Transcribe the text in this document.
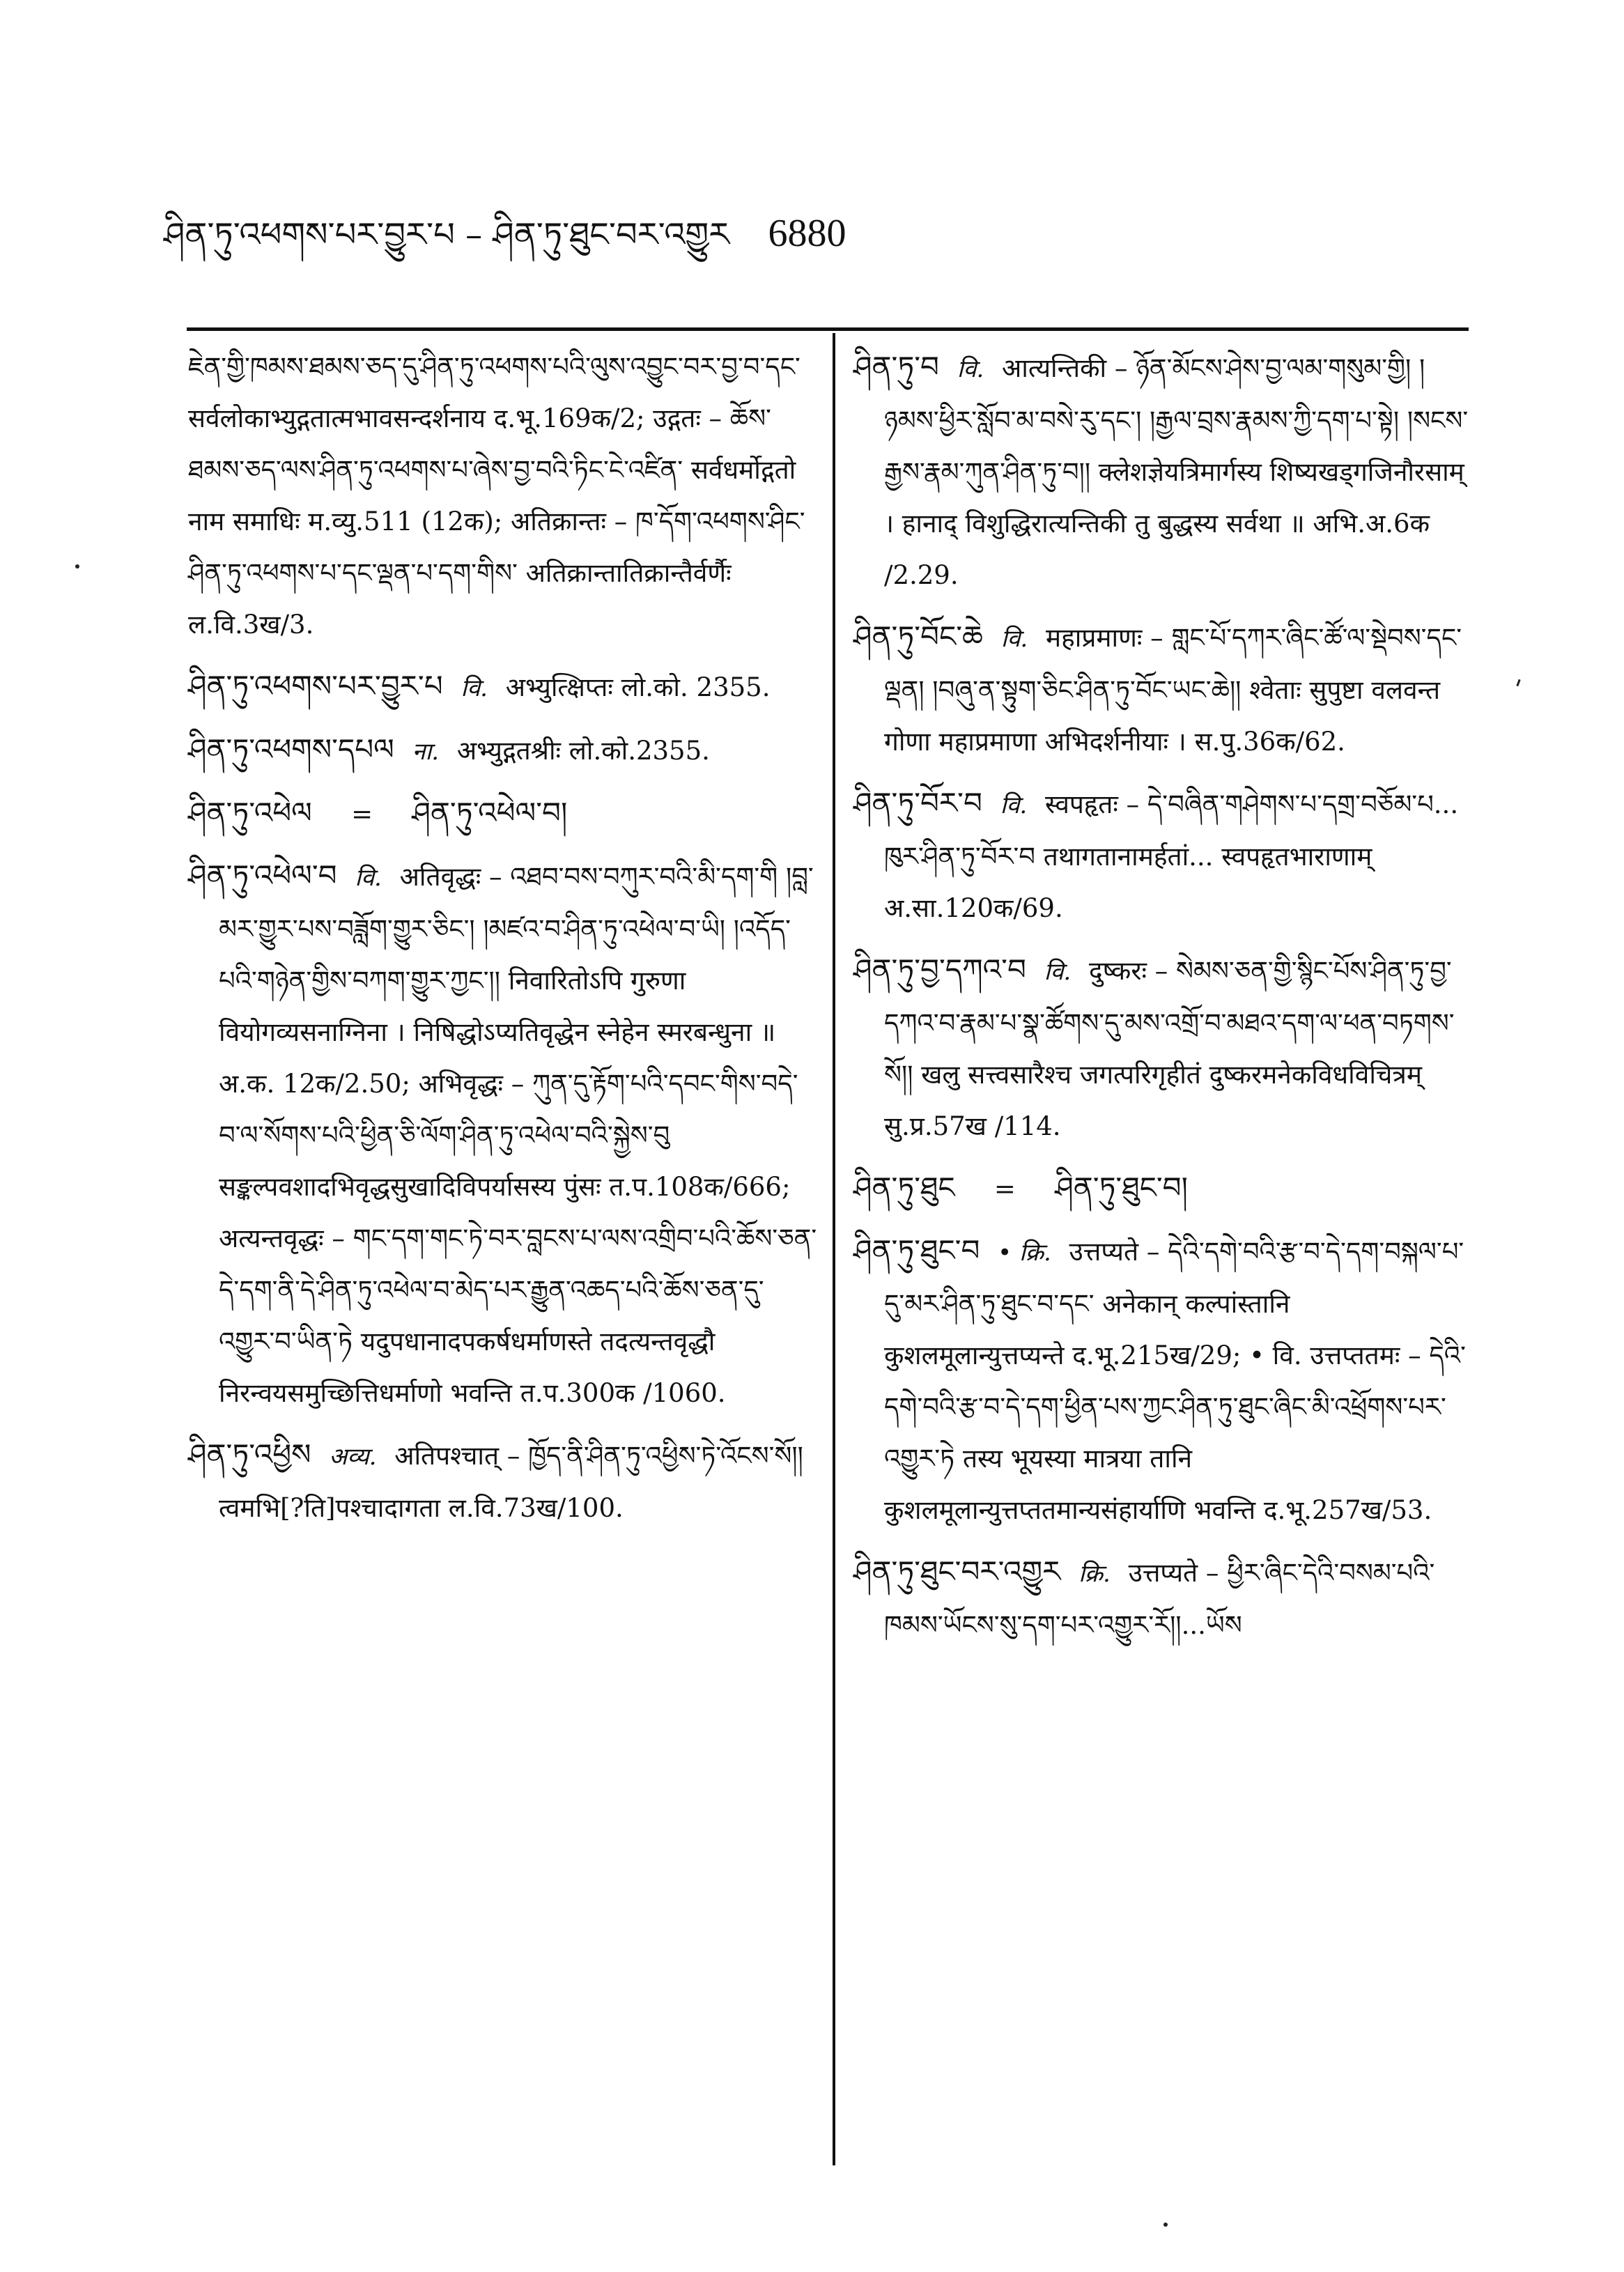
ཤིན་ཏུ་འཕགས་པར་བྱུར་པ – ཤིན་ཏུ་ཐུང་བར་འགྱུར 6880
ཇེན་གྱི་ཁམས་ཐམས་ཅད་དུ་ཤིན་ཏུ་འཕགས་པའི་ལུས་འབྱུང་བར་བྱ་བ་དང་ सर्वलोकाभ्युद्गतात्मभावसन्दर्शनाय द.भू.169क/2; उद्गतः – ཆོས་ཐམས་ཅད་ལས་ཤིན་ཏུ་འཕགས་པ་ཞེས་བྱ་བའི་ཏིང་ངེ་འཛིན་ सर्वधर्मोद्गतो नाम समाधिः म.व्यु.511 (12क); अतिक्रान्तः – ཁ་དོག་འཕགས་ཤིང་ཤིན་ཏུ་འཕགས་པ་དང་ལྡན་པ་དག་གིས་ अतिक्रान्तातिक्रान्तैर्वर्णैः ल.वि.3ख/3.
ཤིན་ཏུ་འཕགས་པར་བྱུར་པ वि. अभ्युत्क्षिप्तः लो.को. 2355.
ཤིན་ཏུ་འཕགས་དཔལ ना. अभ्युद्गतश्रीः लो.को.2355.
ཤིན་ཏུ་འཕེལ = ཤིན་ཏུ་འཕེལ་བ།
ཤིན་ཏུ་འཕེལ་བ वि. अतिवृद्धः – འཐབ་བས་བཀུར་བའི་མི་དག་གི །བླ་མར་གྱུར་པས་བཟློག་གྱུར་ཅིང་། །མཛའ་བ་ཤིན་ཏུ་འཕེལ་བ་ཡི། །འདོད་པའི་གཉེན་གྱིས་བཀག་གྱུར་ཀྱང་།། निवारितोऽपि गुरुणा वियोगव्यसनाग्निना । निषिद्धोऽप्यतिवृद्धेन स्नेहेन स्मरबन्धुना ॥ अ.क. 12क/2.50; अभिवृद्धः – ཀུན་དུ་རྟོག་པའི་དབང་གིས་བདེ་བ་ལ་སོགས་པའི་ཕྱིན་ཅི་ལོག་ཤིན་ཏུ་འཕེལ་བའི་སྐྱེས་བུ सङ्कल्पवशादभिवृद्धसुखादिविपर्यासस्य पुंसः त.प.108क/666; अत्यन्तवृद्धः – གང་དག་གང་ཏེ་བར་བླངས་པ་ལས་འགྲིབ་པའི་ཆོས་ཅན་དེ་དག་ནི་དེ་ཤིན་ཏུ་འཕེལ་བ་མེད་པར་རྒྱུན་འཆད་པའི་ཆོས་ཅན་དུ་འགྱུར་བ་ཡིན་ཏེ यदुपधानादपकर्षधर्माणस्ते तदत्यन्तवृद्धौ निरन्वयसमुच्छित्तिधर्माणो भवन्ति त.प.300क /1060.
ཤིན་ཏུ་འཕྱིས अव्य. अतिपश्चात् – ཁྱོད་ནི་ཤིན་ཏུ་འཕྱིས་ཏེ་འོངས་སོ།། त्वमभि[?ति]पश्चादागता ल.वि.73ख/100.
ཤིན་ཏུ་བ वि. आत्यन्तिकी – ཉོན་མོངས་ཤེས་བྱ་ལམ་གསུམ་གྱི། །ཉམས་ཕྱིར་སློབ་མ་བསེ་རུ་དང་། །རྒྱལ་བྲས་རྣམས་ཀྱི་དག་པ་སྟེ། །སངས་རྒྱས་རྣམ་ཀུན་ཤིན་ཏུ་བ།། क्लेशज्ञेयत्रिमार्गस्य शिष्यखड्गजिनौरसाम् । हानाद् विशुद्धिरात्यन्तिकी तु बुद्धस्य सर्वथा ॥ अभि.अ.6क /2.29.
ཤིན་ཏུ་བོང་ཆེ वि. महाप्रमाणः – གླང་པོ་དཀར་ཞིང་ཚོ་ལ་སྡེབས་དང་ལྡན། །བཞུ་ན་སྟུག་ཅིང་ཤིན་ཏུ་བོང་ཡང་ཆེ།། श्वेताः सुपुष्टा वलवन्त गोणा महाप्रमाणा अभिदर्शनीयाः । स.पु.36क/62.
ཤིན་ཏུ་བོར་བ वि. स्वपहृतः – དེ་བཞིན་གཤེགས་པ་དགྲ་བཅོམ་པ... ཁུར་ཤིན་ཏུ་བོར་བ तथागतानामर्हतां... स्वपहृतभाराणाम् अ.सा.120क/69.
ཤིན་ཏུ་བྱ་དཀའ་བ वि. दुष्करः – སེམས་ཅན་གྱི་སྙིང་པོས་ཤིན་ཏུ་བྱ་དཀའ་བ་རྣམ་པ་སྣ་ཚོགས་དུ་མས་འགྲོ་བ་མཐའ་དག་ལ་ཕན་བཏགས་སོ།། खलु सत्त्वसारैश्च जगत्परिगृहीतं दुष्करमनेकविधविचित्रम् सु.प्र.57ख /114.
ཤིན་ཏུ་ཐུང = ཤིན་ཏུ་ཐུང་བ།
ཤིན་ཏུ་ཐུང་བ • क्रि. उत्तप्यते – དེའི་དགེ་བའི་རྩ་བ་དེ་དག་བསྐལ་པ་དུ་མར་ཤིན་ཏུ་ཐུང་བ་དང་ अनेकान् कल्पांस्तानि कुशलमूलान्युत्तप्यन्ते द.भू.215ख/29; • वि. उत्तप्ततमः – དེའི་དགེ་བའི་རྩ་བ་དེ་དག་ཕྱིན་པས་ཀྱང་ཤིན་ཏུ་ཐུང་ཞིང་མི་འཕྲོགས་པར་འགྱུར་ཏེ तस्य भूयस्या मात्रया तानि कुशलमूलान्युत्तप्ततमान्यसंहार्याणि भवन्ति द.भू.257ख/53.
ཤིན་ཏུ་ཐུང་བར་འགྱུར क्रि. उत्तप्यते – ཕྱིར་ཞིང་དེའི་བསམ་པའི་ཁམས་ཡོངས་སུ་དག་པར་འགྱུར་རོ།།...ཡོས
